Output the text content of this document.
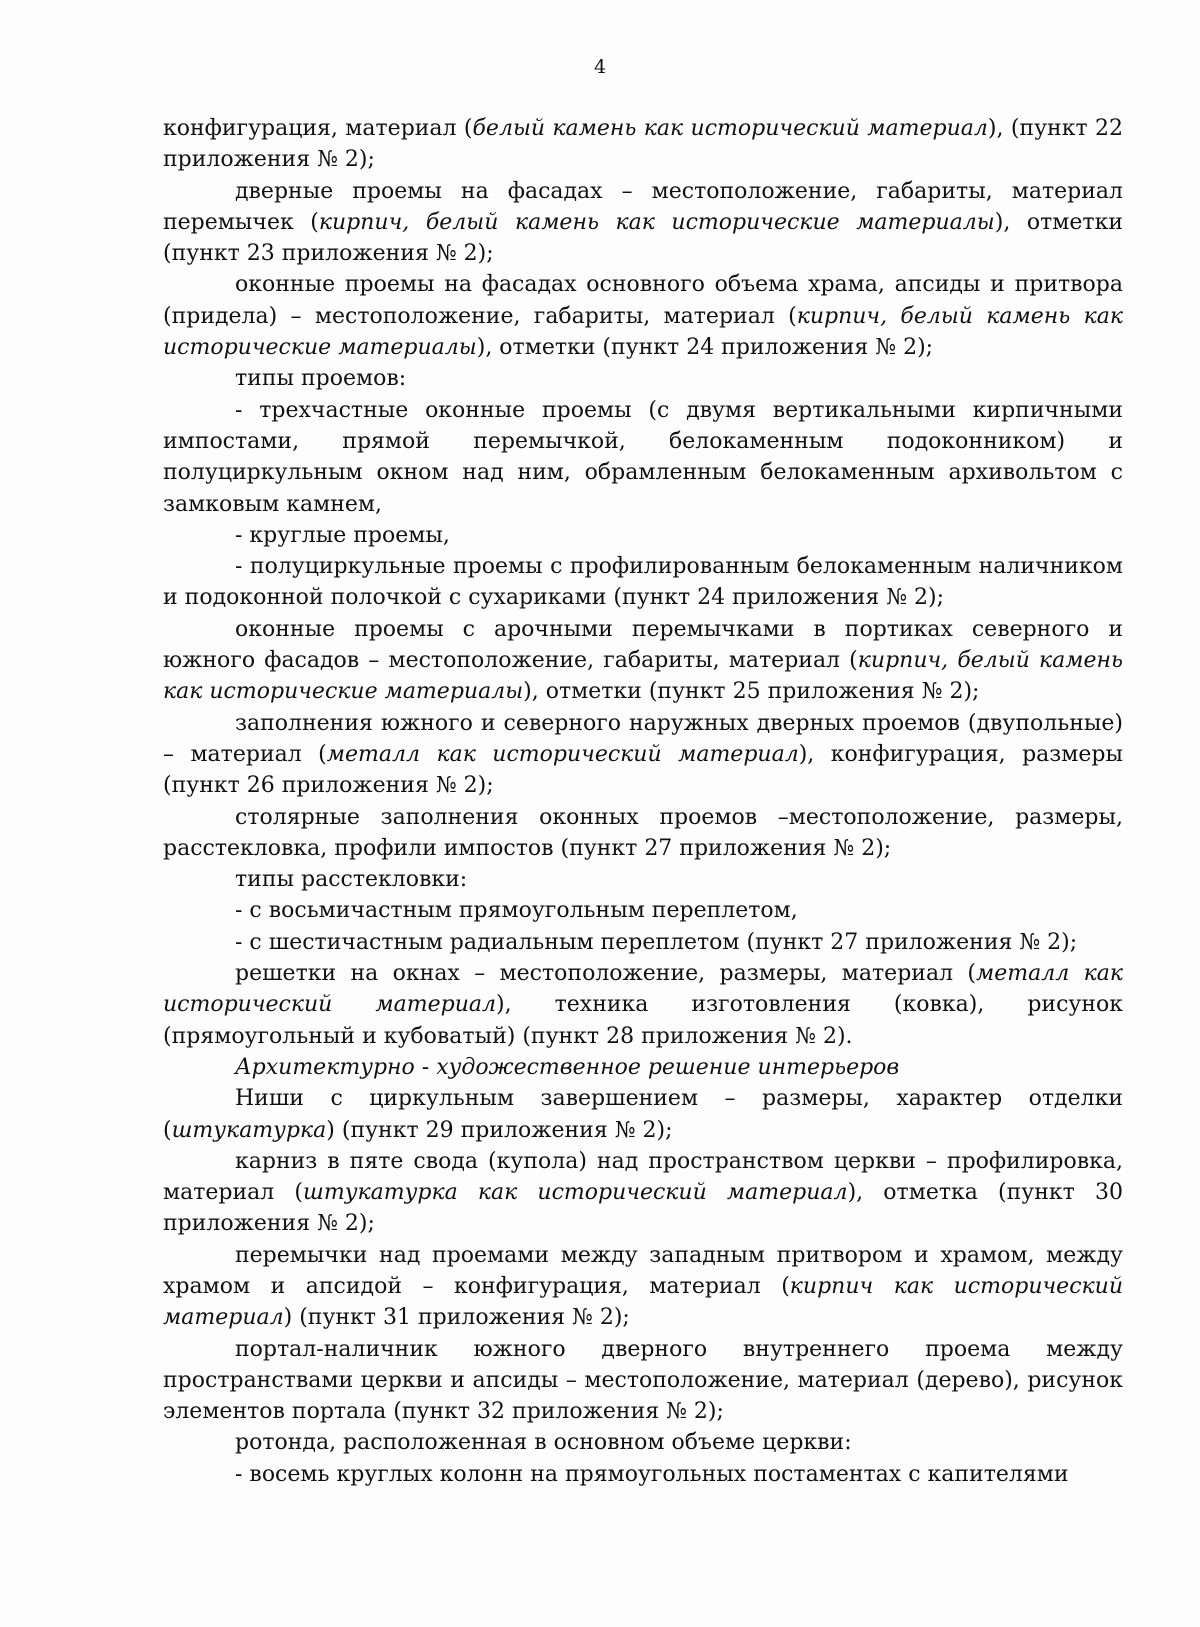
4

конфигурация, материал (белый камень как исторический материал), (пункт 22 приложения № 2);

дверные проемы на фасадах – местоположение, габариты, материал перемычек (кирпич, белый камень как исторические материалы), отметки (пункт 23 приложения № 2);

оконные проемы на фасадах основного объема храма, апсиды и притвора (придела) – местоположение, габариты, материал (кирпич, белый камень как исторические материалы), отметки (пункт 24 приложения № 2);

типы проемов:

- трехчастные оконные проемы (с двумя вертикальными кирпичными импостами, прямой перемычкой, белокаменным подоконником) и полуциркульным окном над ним, обрамленным белокаменным архивольтом с замковым камнем,

- круглые проемы,

- полуциркульные проемы с профилированным белокаменным наличником и подоконной полочкой с сухариками (пункт 24 приложения № 2);

оконные проемы с арочными перемычками в портиках северного и южного фасадов – местоположение, габариты, материал (кирпич, белый камень как исторические материалы), отметки (пункт 25 приложения № 2);

заполнения южного и северного наружных дверных проемов (двупольные) – материал (металл как исторический материал), конфигурация, размеры (пункт 26 приложения № 2);

столярные заполнения оконных проемов –местоположение, размеры, расстекловка, профили импостов (пункт 27 приложения № 2);

типы расстекловки:

- с восьмичастным прямоугольным переплетом,

- с шестичастным радиальным переплетом (пункт 27 приложения № 2);

решетки на окнах – местоположение, размеры, материал (металл как исторический материал), техника изготовления (ковка), рисунок (прямоугольный и кубоватый) (пункт 28 приложения № 2).

Архитектурно - художественное решение интерьеров

Ниши с циркульным завершением – размеры, характер отделки (штукатурка) (пункт 29 приложения № 2);

карниз в пяте свода (купола) над пространством церкви – профилировка, материал (штукатурка как исторический материал), отметка (пункт 30 приложения № 2);

перемычки над проемами между западным притвором и храмом, между храмом и апсидой – конфигурация, материал (кирпич как исторический материал) (пункт 31 приложения № 2);

портал-наличник южного дверного внутреннего проема между пространствами церкви и апсиды – местоположение, материал (дерево), рисунок элементов портала (пункт 32 приложения № 2);

ротонда, расположенная в основном объеме церкви:

- восемь круглых колонн на прямоугольных постаментах с капителями
